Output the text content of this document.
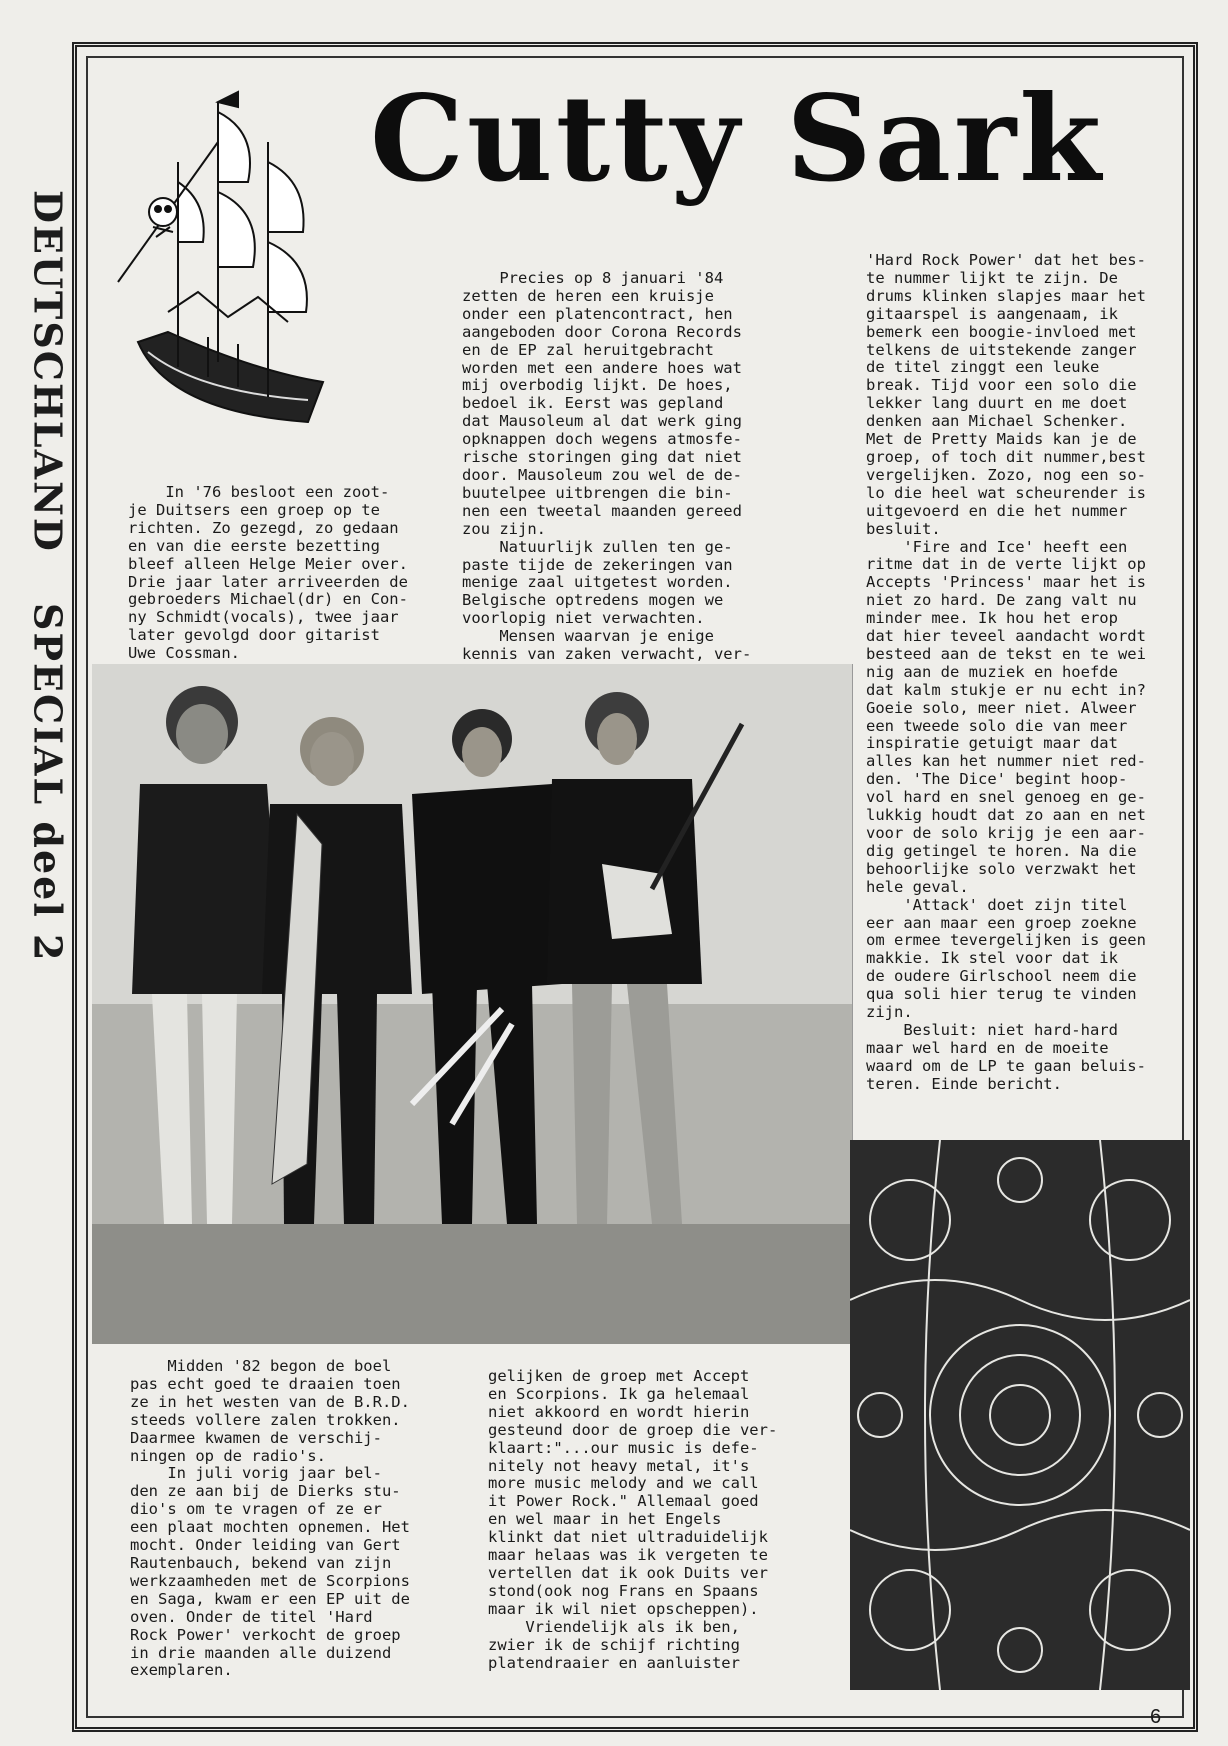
DEUTSCHLAND
SPECIAL deel 2
Cutty Sark

In '76 besloot een zoot-

je Duitsers een groep op te

richten. Zo gezegd, zo gedaan

en van die eerste bezetting

bleef alleen Helge Meier over.

Drie jaar later arriveerden de

gebroeders Michael(dr) en Con-

ny Schmidt(vocals), twee jaar

later gevolgd door gitarist

Uwe Cossman.

Precies op 8 januari '84

zetten de heren een kruisje

onder een platencontract, hen

aangeboden door Corona Records

en de EP zal heruitgebracht

worden met een andere hoes wat

mij overbodig lijkt. De hoes,

bedoel ik. Eerst was gepland

dat Mausoleum al dat werk ging

opknappen doch wegens atmosfe-

rische storingen ging dat niet

door. Mausoleum zou wel de de-

buutelpee uitbrengen die bin-

nen een tweetal maanden gereed

zou zijn.

Natuurlijk zullen ten ge-

paste tijde de zekeringen van

menige zaal uitgetest worden.

Belgische optredens mogen we

voorlopig niet verwachten.

Mensen waarvan je enige

kennis van zaken verwacht, ver-

'Hard Rock Power' dat het bes-

te nummer lijkt te zijn. De

drums klinken slapjes maar het

gitaarspel is aangenaam, ik

bemerk een boogie-invloed met

telkens de uitstekende zanger

de titel zinggt een leuke

break. Tijd voor een solo die

lekker lang duurt en me doet

denken aan Michael Schenker.

Met de Pretty Maids kan je de

groep, of toch dit nummer,best

vergelijken. Zozo, nog een so-

lo die heel wat scheurender is

uitgevoerd en die het nummer

besluit.

'Fire and Ice' heeft een

ritme dat in de verte lijkt op

Accepts 'Princess' maar het is

niet zo hard. De zang valt nu

minder mee. Ik hou het erop

dat hier teveel aandacht wordt

besteed aan de tekst en te wei

nig aan de muziek en hoefde

dat kalm stukje er nu echt in?

Goeie solo, meer niet. Alweer

een tweede solo die van meer

inspiratie getuigt maar dat

alles kan het nummer niet red-

den. 'The Dice' begint hoop-

vol hard en snel genoeg en ge-

lukkig houdt dat zo aan en net

voor de solo krijg je een aar-

dig getingel te horen. Na die

behoorlijke solo verzwakt het

hele geval.

'Attack' doet zijn titel

eer aan maar een groep zoekne

om ermee tevergelijken is geen

makkie. Ik stel voor dat ik

de oudere Girlschool neem die

qua soli hier terug te vinden

zijn.

Besluit: niet hard-hard

maar wel hard en de moeite

waard om de LP te gaan beluis-

teren. Einde bericht.

Midden '82 begon de boel

pas echt goed te draaien toen

ze in het westen van de B.R.D.

steeds vollere zalen trokken.

Daarmee kwamen de verschij-

ningen op de radio's.

In juli vorig jaar bel-

den ze aan bij de Dierks stu-

dio's om te vragen of ze er

een plaat mochten opnemen. Het

mocht. Onder leiding van Gert

Rautenbauch, bekend van zijn

werkzaamheden met de Scorpions

en Saga, kwam er een EP uit de

oven. Onder de titel 'Hard

Rock Power' verkocht de groep

in drie maanden alle duizend

exemplaren.

gelijken de groep met Accept

en Scorpions. Ik ga helemaal

niet akkoord en wordt hierin

gesteund door de groep die ver-

klaart:"...our music is defe-

nitely not heavy metal, it's

more music melody and we call

it Power Rock." Allemaal goed

en wel maar in het Engels

klinkt dat niet ultraduidelijk

maar helaas was ik vergeten te

vertellen dat ik ook Duits ver

stond(ook nog Frans en Spaans

maar ik wil niet opscheppen).

Vriendelijk als ik ben,

zwier ik de schijf richting

platendraaier en aanluister

6
